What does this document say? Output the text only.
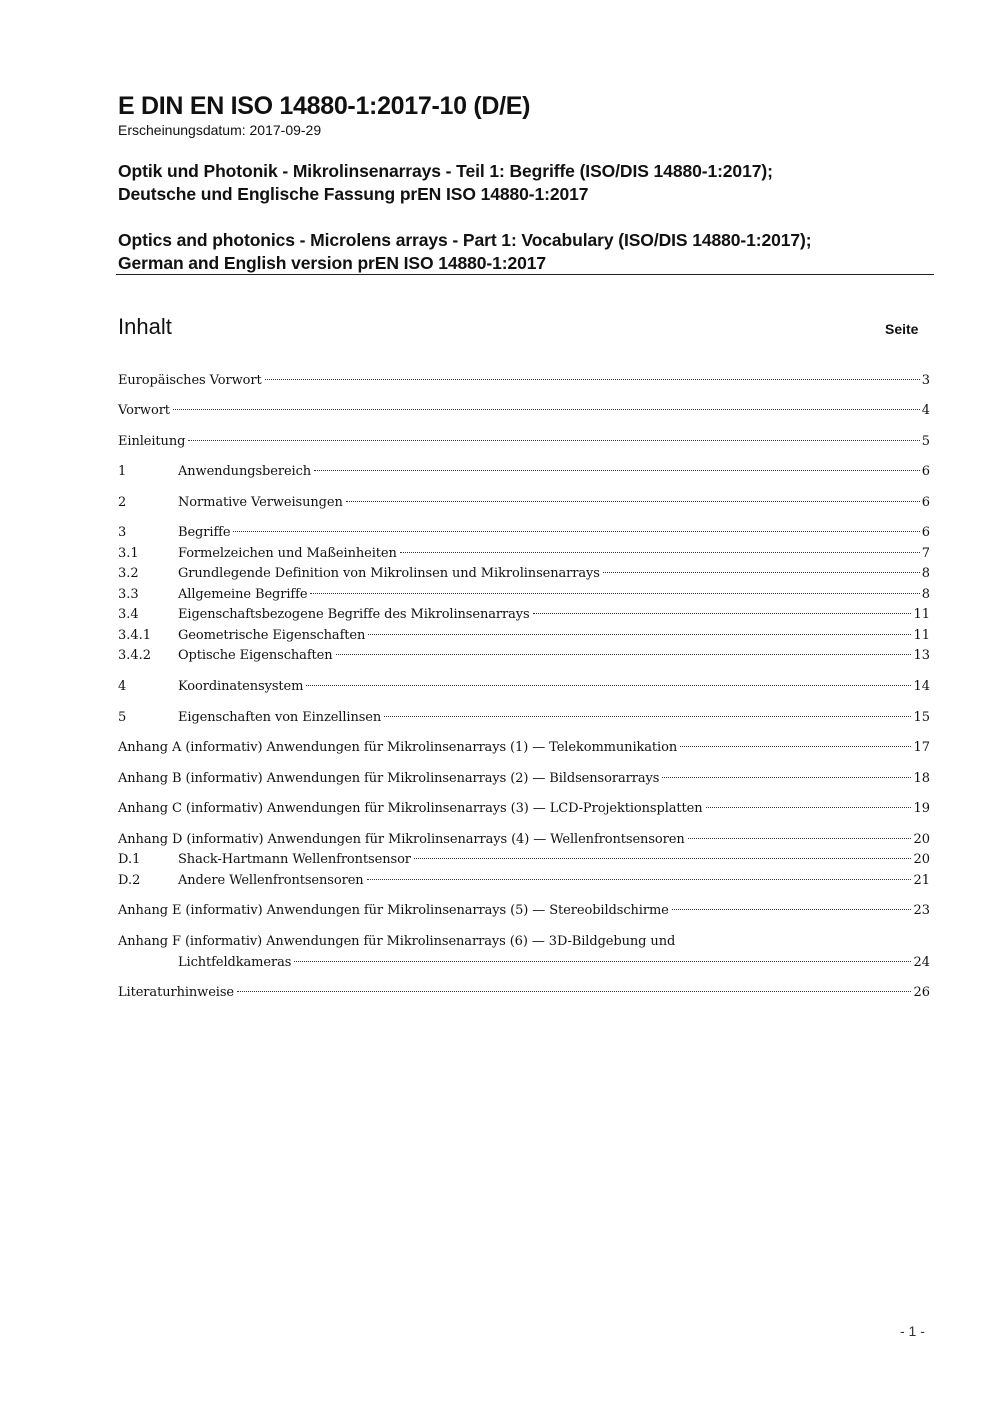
E DIN EN ISO 14880-1:2017-10 (D/E)
Erscheinungsdatum: 2017-09-29
Optik und Photonik - Mikrolinsenarrays - Teil 1: Begriffe (ISO/DIS 14880-1:2017);
Deutsche und Englische Fassung prEN ISO 14880-1:2017
Optics and photonics - Microlens arrays - Part 1: Vocabulary (ISO/DIS 14880-1:2017);
German and English version prEN ISO 14880-1:2017
Inhalt	Seite
Europäisches Vorwort	3
Vorwort	4
Einleitung	5
1	Anwendungsbereich	6
2	Normative Verweisungen	6
3	Begriffe	6
3.1	Formelzeichen und Maßeinheiten	7
3.2	Grundlegende Definition von Mikrolinsen und Mikrolinsenarrays	8
3.3	Allgemeine Begriffe	8
3.4	Eigenschaftsbezogene Begriffe des Mikrolinsenarrays	11
3.4.1	Geometrische Eigenschaften	11
3.4.2	Optische Eigenschaften	13
4	Koordinatensystem	14
5	Eigenschaften von Einzellinsen	15
Anhang A (informativ) Anwendungen für Mikrolinsenarrays (1) — Telekommunikation	17
Anhang B (informativ) Anwendungen für Mikrolinsenarrays (2) — Bildsensorarrays	18
Anhang C (informativ) Anwendungen für Mikrolinsenarrays (3) — LCD-Projektionsplatten	19
Anhang D (informativ) Anwendungen für Mikrolinsenarrays (4) — Wellenfrontsensoren	20
D.1	Shack-Hartmann Wellenfrontsensor	20
D.2	Andere Wellenfrontsensoren	21
Anhang E (informativ) Anwendungen für Mikrolinsenarrays (5) — Stereobildschirme	23
Anhang F (informativ) Anwendungen für Mikrolinsenarrays (6) — 3D-Bildgebung und
Lichtfeldkameras	24
Literaturhinweise	26
- 1 -
